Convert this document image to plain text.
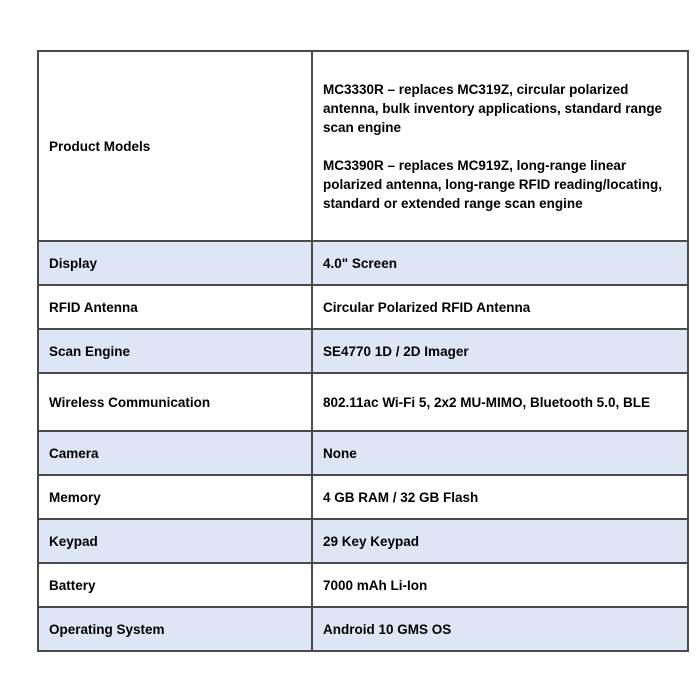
Product Models	MC3330R – replaces MC319Z, circular polarized antenna, bulk inventory applications, standard range scan engine

MC3390R – replaces MC919Z, long-range linear polarized antenna, long-range RFID reading/locating, standard or extended range scan engine

Display	4.0" Screen
RFID Antenna	Circular Polarized RFID Antenna
Scan Engine	SE4770 1D / 2D Imager
Wireless Communication	802.11ac Wi-Fi 5, 2x2 MU-MIMO, Bluetooth 5.0, BLE
Camera	None
Memory	4 GB RAM / 32 GB Flash
Keypad	29 Key Keypad
Battery	7000 mAh Li-Ion
Operating System	Android 10 GMS OS
